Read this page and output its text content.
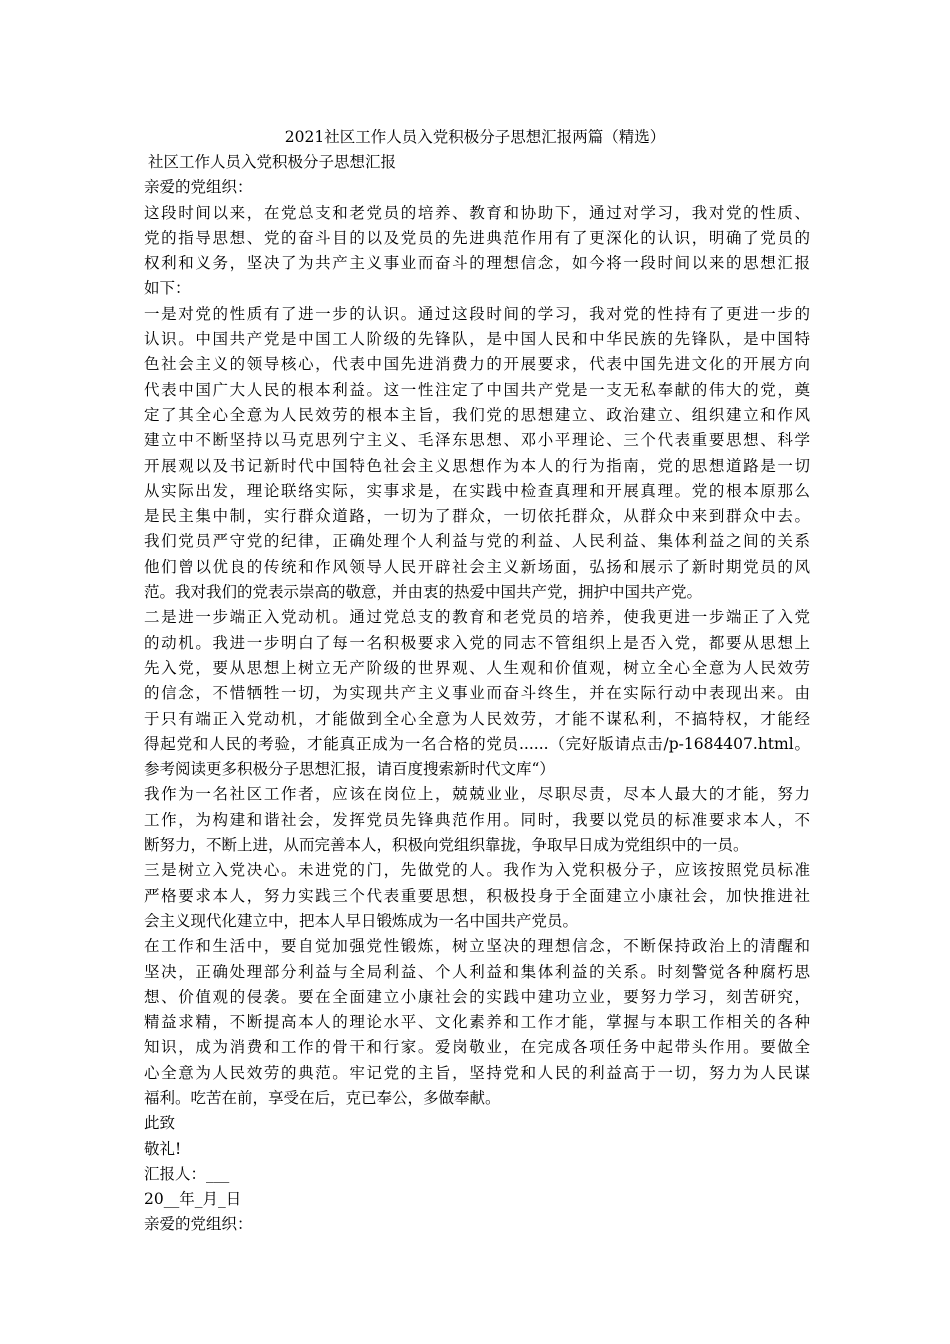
2021社区工作人员入党积极分子思想汇报两篇（精选）
社区工作人员入党积极分子思想汇报
亲爱的党组织：
这段时间以来，在党总支和老党员的培养、教育和协助下，通过对学习，我对党的性质、
党的指导思想、党的奋斗目的以及党员的先进典范作用有了更深化的认识，明确了党员的
权利和义务，坚决了为共产主义事业而奋斗的理想信念，如今将一段时间以来的思想汇报
如下：
一是对党的性质有了进一步的认识。通过这段时间的学习，我对党的性持有了更进一步的
认识。中国共产党是中国工人阶级的先锋队，是中国人民和中华民族的先锋队，是中国特
色社会主义的领导核心，代表中国先进消费力的开展要求，代表中国先进文化的开展方向
代表中国广大人民的根本利益。这一性注定了中国共产党是一支无私奉献的伟大的党，奠
定了其全心全意为人民效劳的根本主旨，我们党的思想建立、政治建立、组织建立和作风
建立中不断坚持以马克思列宁主义、毛泽东思想、邓小平理论、三个代表重要思想、科学
开展观以及书记新时代中国特色社会主义思想作为本人的行为指南，党的思想道路是一切
从实际出发，理论联络实际，实事求是，在实践中检查真理和开展真理。党的根本原那么
是民主集中制，实行群众道路，一切为了群众，一切依托群众，从群众中来到群众中去。
我们党员严守党的纪律，正确处理个人利益与党的利益、人民利益、集体利益之间的关系
他们曾以优良的传统和作风领导人民开辟社会主义新场面，弘扬和展示了新时期党员的风
范。我对我们的党表示崇高的敬意，并由衷的热爱中国共产党，拥护中国共产党。
二是进一步端正入党动机。通过党总支的教育和老党员的培养，使我更进一步端正了入党
的动机。我进一步明白了每一名积极要求入党的同志不管组织上是否入党，都要从思想上
先入党，要从思想上树立无产阶级的世界观、人生观和价值观，树立全心全意为人民效劳
的信念，不惜牺牲一切，为实现共产主义事业而奋斗终生，并在实际行动中表现出来。由
于只有端正入党动机，才能做到全心全意为人民效劳，才能不谋私利，不搞特权，才能经
得起党和人民的考验，才能真正成为一名合格的党员......（完好版请点击/p-1684407.html。
参考阅读更多积极分子思想汇报，请百度搜索新时代文库“）
我作为一名社区工作者，应该在岗位上，兢兢业业，尽职尽责，尽本人最大的才能，努力
工作，为构建和谐社会，发挥党员先锋典范作用。同时，我要以党员的标准要求本人，不
断努力，不断上进，从而完善本人，积极向党组织靠拢，争取早日成为党组织中的一员。
三是树立入党决心。未进党的门，先做党的人。我作为入党积极分子，应该按照党员标准
严格要求本人，努力实践三个代表重要思想，积极投身于全面建立小康社会，加快推进社
会主义现代化建立中，把本人早日锻炼成为一名中国共产党员。
在工作和生活中，要自觉加强党性锻炼，树立坚决的理想信念，不断保持政治上的清醒和
坚决，正确处理部分利益与全局利益、个人利益和集体利益的关系。时刻警觉各种腐朽思
想、价值观的侵袭。要在全面建立小康社会的实践中建功立业，要努力学习，刻苦研究，
精益求精，不断提高本人的理论水平、文化素养和工作才能，掌握与本职工作相关的各种
知识，成为消费和工作的骨干和行家。爱岗敬业，在完成各项任务中起带头作用。要做全
心全意为人民效劳的典范。牢记党的主旨，坚持党和人民的利益高于一切，努力为人民谋
福利。吃苦在前，享受在后，克已奉公，多做奉献。
此致
敬礼!
汇报人：___
20__年_月_日
亲爱的党组织：
